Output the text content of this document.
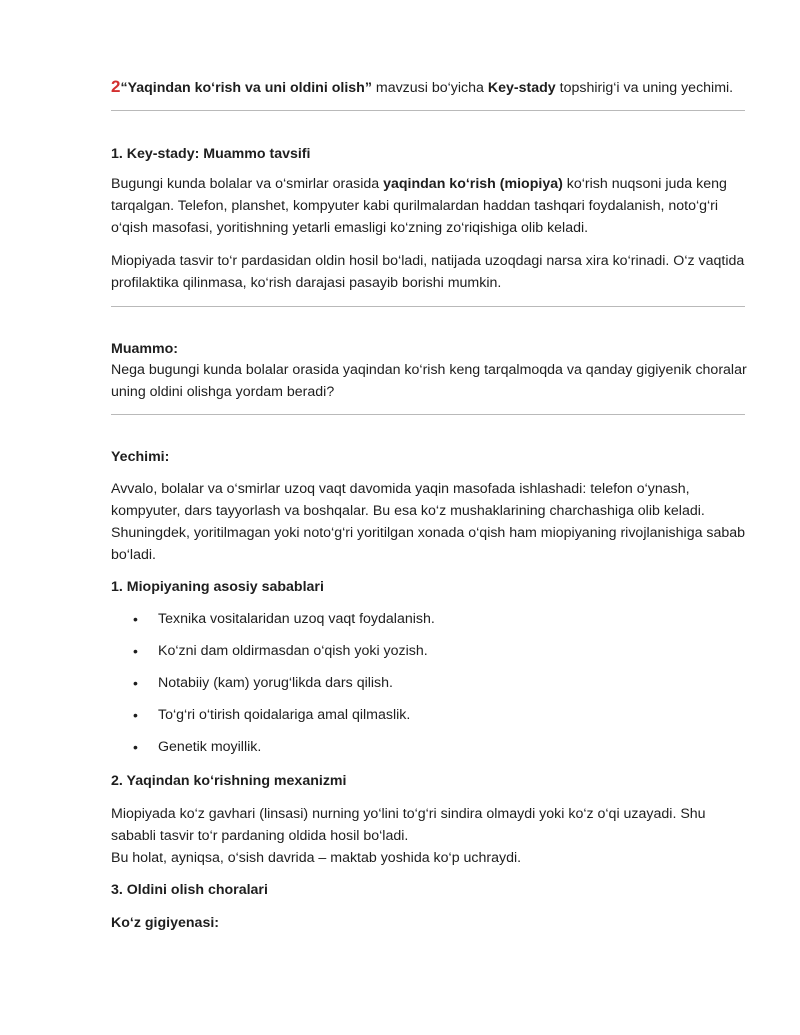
2“Yaqindan ko‘rish va uni oldini olish” mavzusi bo‘yicha Key-stady topshirig‘i va uning yechimi.

1. Key-stady: Muammo tavsifi

Bugungi kunda bolalar va o‘smirlar orasida yaqindan ko‘rish (miopiya) ko‘rish nuqsoni juda keng tarqalgan. Telefon, planshet, kompyuter kabi qurilmalardan haddan tashqari foydalanish, noto‘g‘ri o‘qish masofasi, yoritishning yetarli emasligi ko‘zning zo‘riqishiga olib keladi.

Miopiyada tasvir to‘r pardasidan oldin hosil bo‘ladi, natijada uzoqdagi narsa xira ko‘rinadi. O‘z vaqtida profilaktika qilinmasa, ko‘rish darajasi pasayib borishi mumkin.

Muammo:

Nega bugungi kunda bolalar orasida yaqindan ko‘rish keng tarqalmoqda va qanday gigiyenik choralar uning oldini olishga yordam beradi?

Yechimi:

Avvalo, bolalar va o‘smirlar uzoq vaqt davomida yaqin masofada ishlashadi: telefon o‘ynash, kompyuter, dars tayyorlash va boshqalar. Bu esa ko‘z mushaklarining charchashiga olib keladi. Shuningdek, yoritilmagan yoki noto‘g‘ri yoritilgan xonada o‘qish ham miopiyaning rivojlanishiga sabab bo‘ladi.

1. Miopiyaning asosiy sabablari

• Texnika vositalaridan uzoq vaqt foydalanish.
• Ko‘zni dam oldirmasdan o‘qish yoki yozish.
• Notabiiy (kam) yorug‘likda dars qilish.
• To‘g‘ri o‘tirish qoidalariga amal qilmaslik.
• Genetik moyillik.

2. Yaqindan ko‘rishning mexanizmi

Miopiyada ko‘z gavhari (linsasi) nurning yo‘lini to‘g‘ri sindira olmaydi yoki ko‘z o‘qi uzayadi. Shu sababli tasvir to‘r pardaning oldida hosil bo‘ladi.

Bu holat, ayniqsa, o‘sish davrida – maktab yoshida ko‘p uchraydi.

3. Oldini olish choralari

Ko‘z gigiyenasi:
